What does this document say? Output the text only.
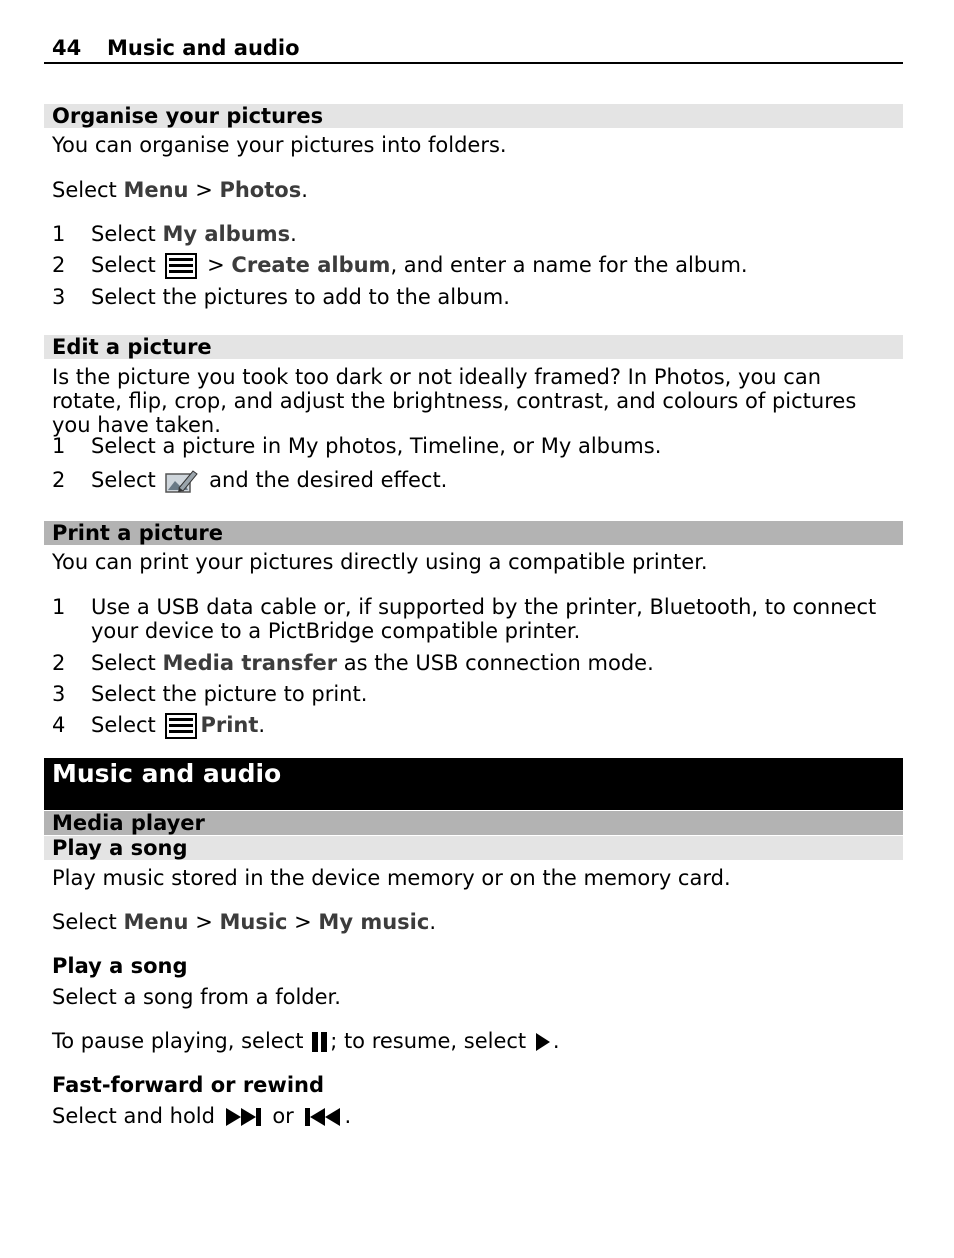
44 Music and audio
Organise your pictures
You can organise your pictures into folders.
Select Menu > Photos.
1 Select My albums.
2 Select  > Create album, and enter a name for the album.
3 Select the pictures to add to the album.
Edit a picture
Is the picture you took too dark or not ideally framed? In Photos, you can rotate, flip, crop, and adjust the brightness, contrast, and colours of pictures you have taken.
1 Select a picture in My photos, Timeline, or My albums.
2 Select  and the desired effect.
Print a picture
You can print your pictures directly using a compatible printer.
1 Use a USB data cable or, if supported by the printer, Bluetooth, to connect your device to a PictBridge compatible printer.
2 Select Media transfer as the USB connection mode.
3 Select the picture to print.
4 Select Print.
Music and audio
Media player
Play a song
Play music stored in the device memory or on the memory card.
Select Menu > Music > My music.
Play a song
Select a song from a folder.
To pause playing, select ; to resume, select .
Fast-forward or rewind
Select and hold  or .
